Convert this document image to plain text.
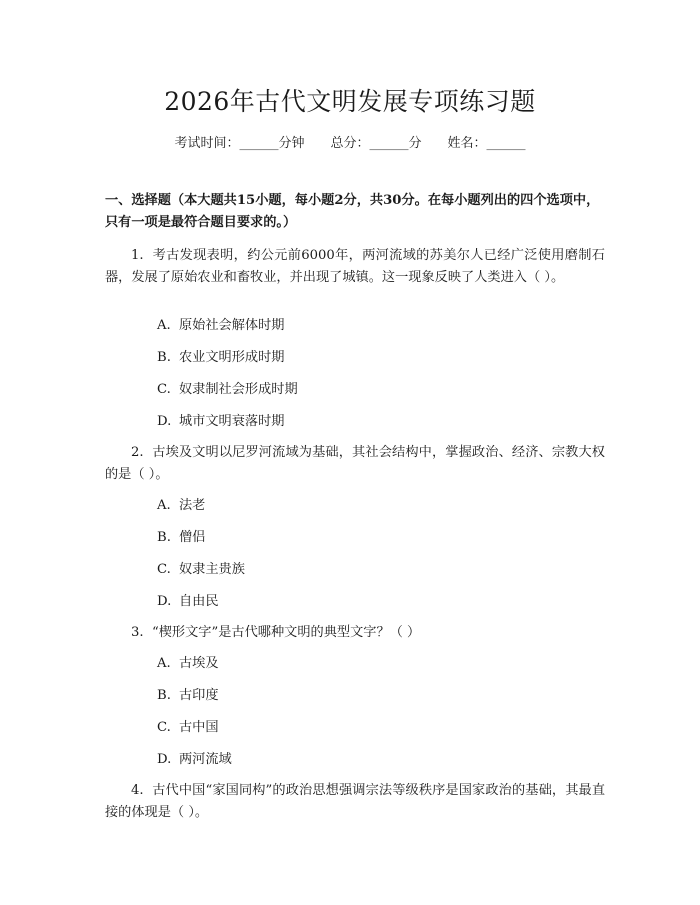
2026年古代文明发展专项练习题
考试时间：______分钟　　总分：______分　　姓名：______
一、选择题（本大题共15小题，每小题2分，共30分。在每小题列出的四个选项中，只有一项是最符合题目要求的。）
1. 考古发现表明，约公元前6000年，两河流域的苏美尔人已经广泛使用磨制石器，发展了原始农业和畜牧业，并出现了城镇。这一现象反映了人类进入（ ）。
A. 原始社会解体时期
B. 农业文明形成时期
C. 奴隶制社会形成时期
D. 城市文明衰落时期
2. 古埃及文明以尼罗河流域为基础，其社会结构中，掌握政治、经济、宗教大权的是（ ）。
A. 法老
B. 僧侣
C. 奴隶主贵族
D. 自由民
3. “楔形文字”是古代哪种文明的典型文字？（ ）
A. 古埃及
B. 古印度
C. 古中国
D. 两河流域
4. 古代中国“家国同构”的政治思想强调宗法等级秩序是国家政治的基础，其最直接的体现是（ ）。
